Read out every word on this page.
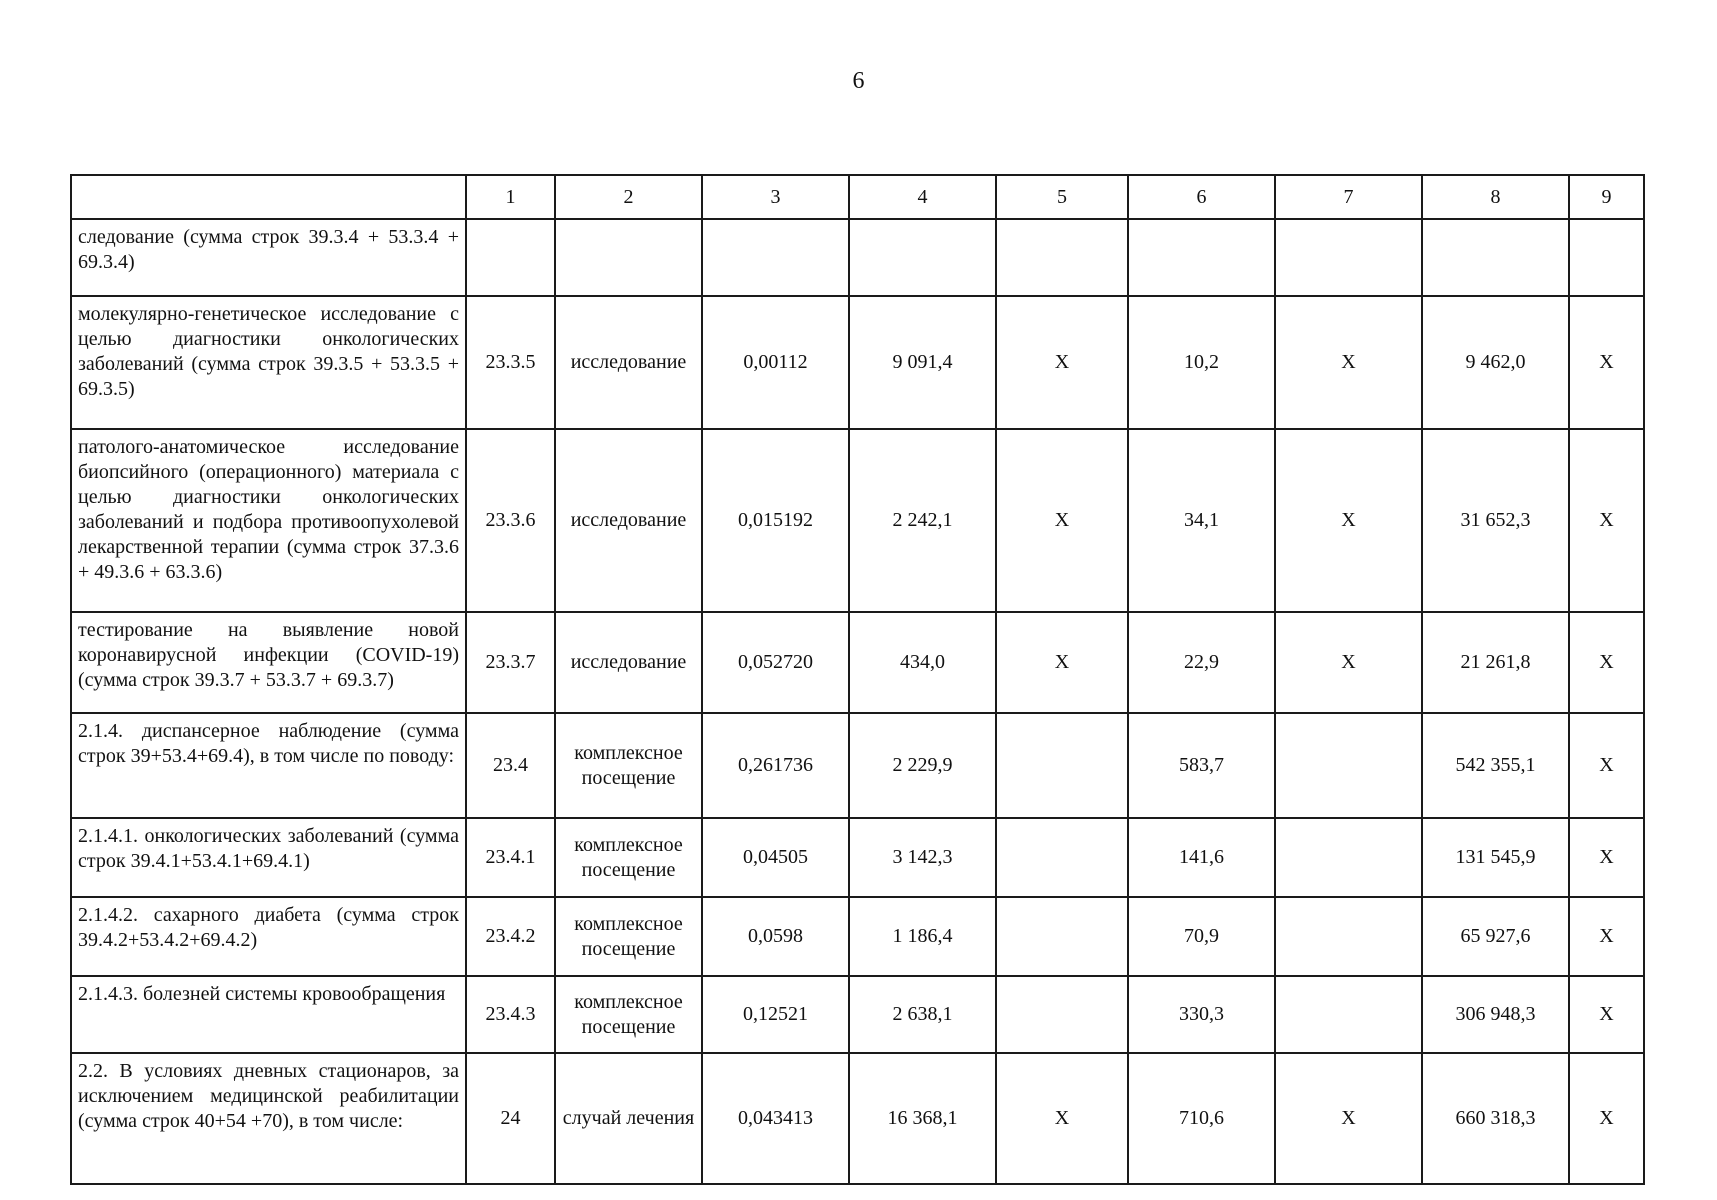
6
	1	2	3	4	5	6	7	8	9
следование (сумма строк 39.3.4 + 53.3.4 + 69.3.4)									
молекулярно-генетическое исследование с целью диагностики онкологических заболеваний (сумма строк 39.3.5 + 53.3.5 + 69.3.5)	23.3.5	исследование	0,00112	9 091,4	X	10,2	X	9 462,0	X
патолого-анатомическое исследование биопсийного (операционного) материала с целью диагностики онкологических заболеваний и подбора противоопухолевой лекарственной терапии (сумма строк 37.3.6 + 49.3.6 + 63.3.6)	23.3.6	исследование	0,015192	2 242,1	X	34,1	X	31 652,3	X
тестирование на выявление новой коронавирусной инфекции (COVID-19) (сумма строк 39.3.7 + 53.3.7 + 69.3.7)	23.3.7	исследование	0,052720	434,0	X	22,9	X	21 261,8	X
2.1.4. диспансерное наблюдение (сумма строк 39+53.4+69.4), в том числе по поводу:	23.4	комплексное посещение	0,261736	2 229,9		583,7		542 355,1	X
2.1.4.1. онкологических заболеваний (сумма строк 39.4.1+53.4.1+69.4.1)	23.4.1	комплексное посещение	0,04505	3 142,3		141,6		131 545,9	X
2.1.4.2. сахарного диабета (сумма строк 39.4.2+53.4.2+69.4.2)	23.4.2	комплексное посещение	0,0598	1 186,4		70,9		65 927,6	X
2.1.4.3. болезней системы кровообращения	23.4.3	комплексное посещение	0,12521	2 638,1		330,3		306 948,3	X
2.2. В условиях дневных стационаров, за исключением медицинской реабилитации (сумма строк 40+54 +70), в том числе:	24	случай лечения	0,043413	16 368,1	X	710,6	X	660 318,3	X
